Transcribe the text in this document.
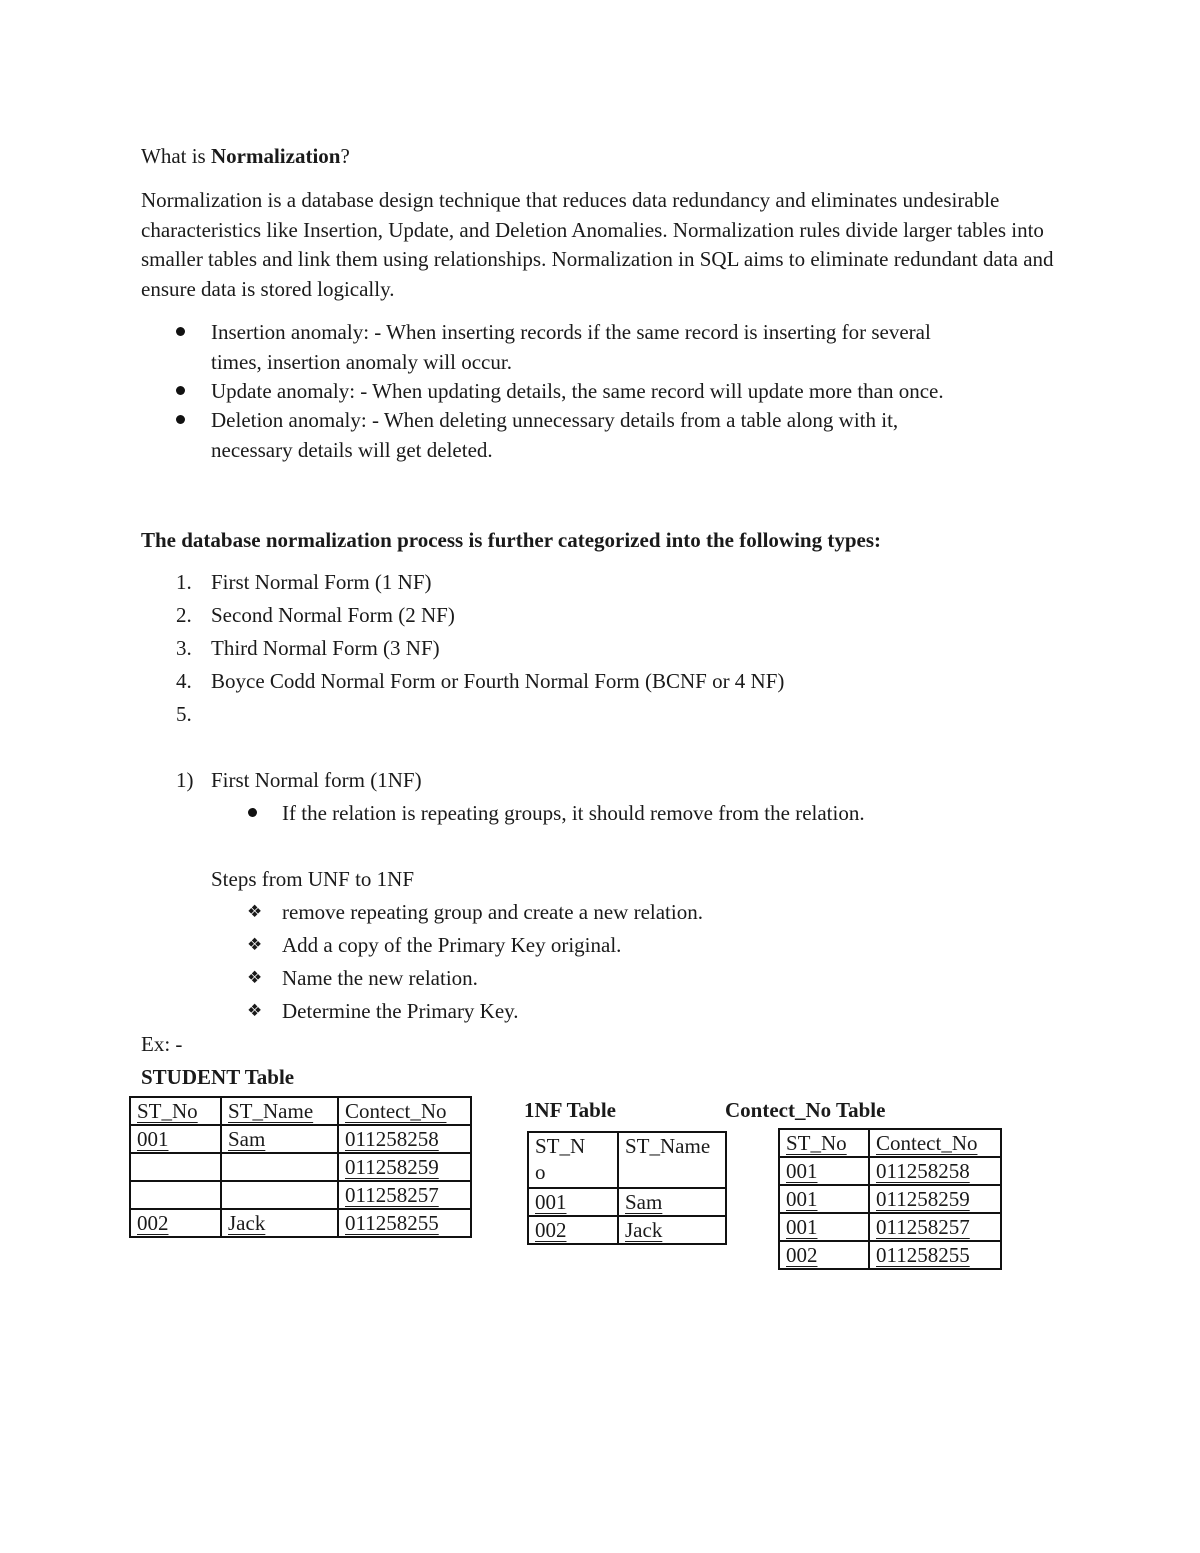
What is Normalization?
Normalization is a database design technique that reduces data redundancy and eliminates undesirable characteristics like Insertion, Update, and Deletion Anomalies. Normalization rules divide larger tables into smaller tables and link them using relationships. Normalization in SQL aims to eliminate redundant data and ensure data is stored logically.
Insertion anomaly: - When inserting records if the same record is inserting for several
times, insertion anomaly will occur.
Update anomaly: - When updating details, the same record will update more than once.
Deletion anomaly: - When deleting unnecessary details from a table along with it,
necessary details will get deleted.
The database normalization process is further categorized into the following types:
1. First Normal Form (1 NF)
2. Second Normal Form (2 NF)
3. Third Normal Form (3 NF)
4. Boyce Codd Normal Form or Fourth Normal Form (BCNF or 4 NF)
5.
1) First Normal form (1NF)
If the relation is repeating groups, it should remove from the relation.
Steps from UNF to 1NF
❖ remove repeating group and create a new relation.
❖ Add a copy of the Primary Key original.
❖ Name the new relation.
❖ Determine the Primary Key.
Ex: -
STUDENT Table
ST_No	ST_Name	Contect_No
001	Sam	011258258
		011258259
		011258257
002	Jack	011258255
1NF Table
ST_N
o	ST_Name
001	Sam
002	Jack
Contect_No Table
ST_No	Contect_No
001	011258258
001	011258259
001	011258257
002	011258255
